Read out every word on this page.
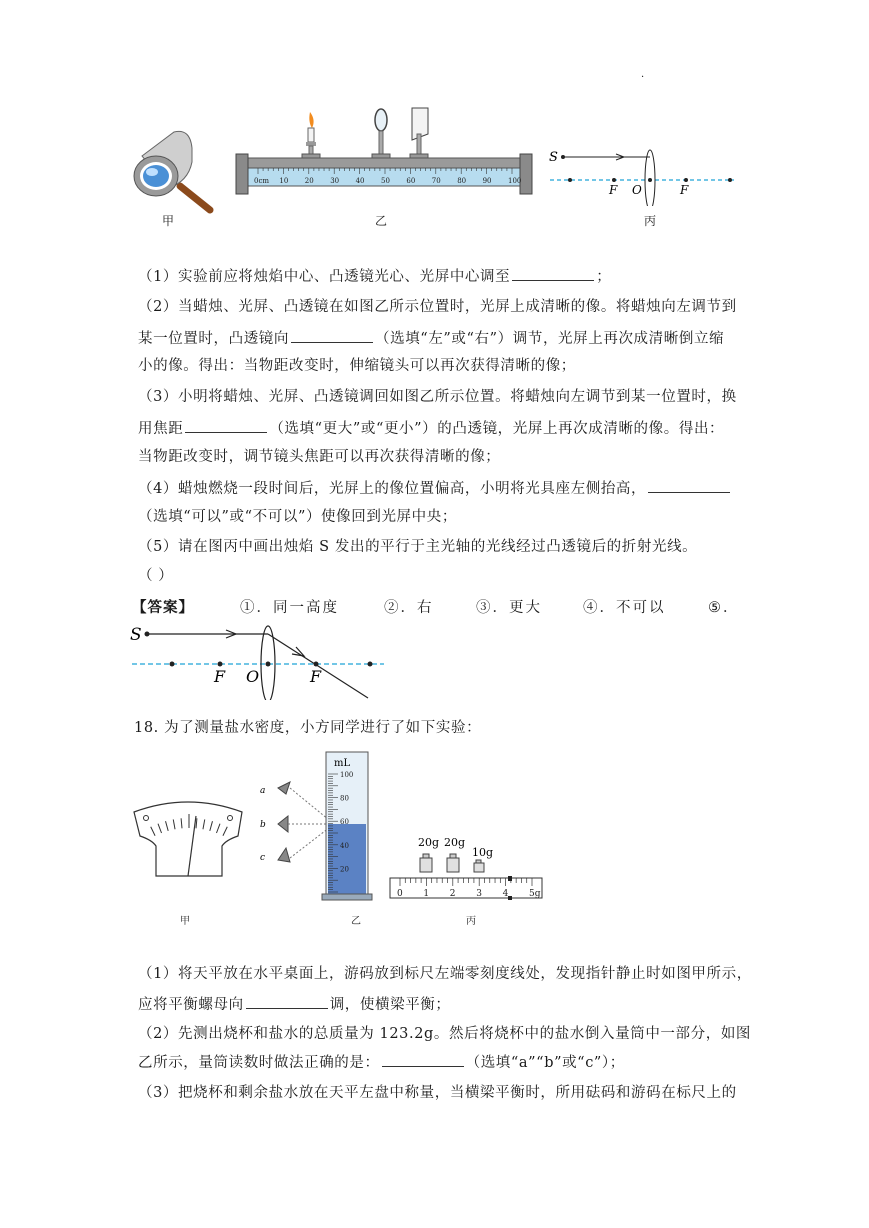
·
甲
0cm 10 20 30 40 50 60 70 80 90 100
乙
S
F O	F
丙
（1）实验前应将烛焰中心、凸透镜光心、光屏中心调至	；
（2）当蜡烛、光屏、凸透镜在如图乙所示位置时，光屏上成清晰的像。将蜡烛向左调节到
某一位置时，凸透镜向	（选填“左”或“右”）调节，光屏上再次成清晰倒立缩
小的像。得出：当物距改变时，伸缩镜头可以再次获得清晰的像；
（3）小明将蜡烛、光屏、凸透镜调回如图乙所示位置。将蜡烛向左调节到某一位置时，换
用焦距	（选填“更大”或“更小”）的凸透镜，光屏上再次成清晰的像。得出：
当物距改变时，调节镜头焦距可以再次获得清晰的像；
（4）蜡烛燃烧一段时间后，光屏上的像位置偏高，小明将光具座左侧抬高，
（选填“可以”或“不可以”）使像回到光屏中央；
（5）请在图丙中画出烛焰 S 发出的平行于主光轴的光线经过凸透镜后的折射光线。
（ ）
【答案】	①．同一高度	②．右	③．更大	④．不可以	⑤．
S
F O	F
18. 为了测量盐水密度，小方同学进行了如下实验：
甲
a
b
c
mL
100
80
60
40
20
乙
20g 20g
10g
0 1 2 3 4 5g
丙
（1）将天平放在水平桌面上，游码放到标尺左端零刻度线处，发现指针静止时如图甲所示，
应将平衡螺母向	调，使横梁平衡；
（2）先测出烧杯和盐水的总质量为 123.2g。然后将烧杯中的盐水倒入量筒中一部分，如图
乙所示，量筒读数时做法正确的是：	（选填“a”“b”或“c”）；
（3）把烧杯和剩余盐水放在天平左盘中称量，当横梁平衡时，所用砝码和游码在标尺上的
